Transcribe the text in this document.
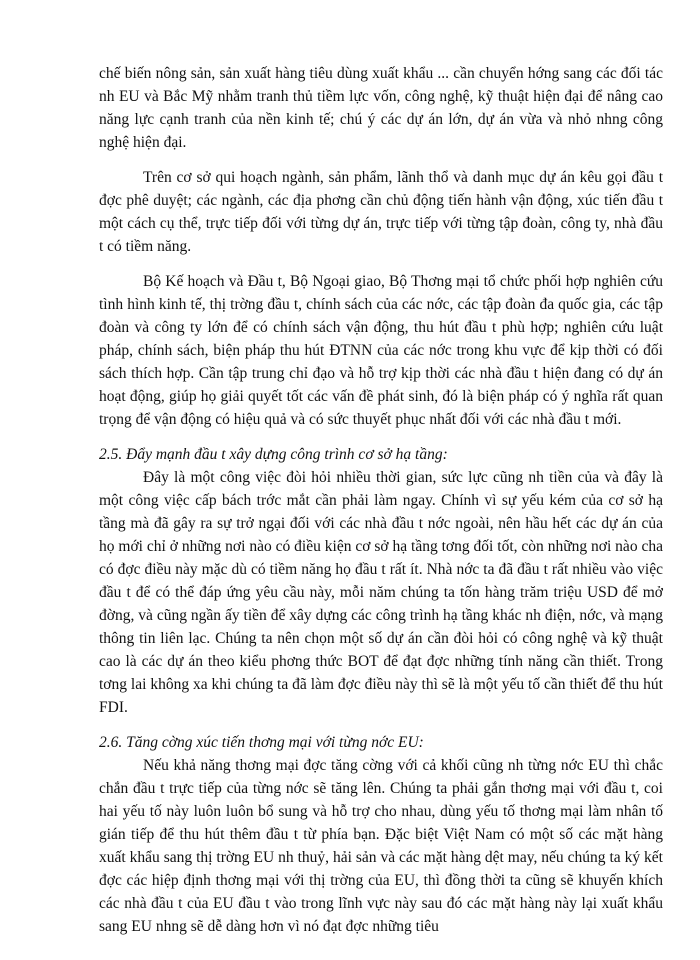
chế biến nông sản, sản xuất hàng tiêu dùng xuất khẩu ... cần chuyển hớng sang các đối tác nh EU và Bắc Mỹ nhằm tranh thủ tiềm lực vốn, công nghệ, kỹ thuật hiện đại để nâng cao năng lực cạnh tranh của nền kinh tế; chú ý các dự án lớn, dự án vừa và nhỏ nhng công nghệ hiện đại.

Trên cơ sở qui hoạch ngành, sản phẩm, lãnh thổ và danh mục dự án kêu gọi đầu t đợc phê duyệt; các ngành, các địa phơng cần chủ động tiến hành vận động, xúc tiến đầu t một cách cụ thể, trực tiếp đối với từng dự án, trực tiếp với từng tập đoàn, công ty, nhà đầu t có tiềm năng.

Bộ Kế hoạch và Đầu t, Bộ Ngoại giao, Bộ Thơng mại tổ chức phối hợp nghiên cứu tình hình kinh tế, thị trờng đầu t, chính sách của các nớc, các tập đoàn đa quốc gia, các tập đoàn và công ty lớn để có chính sách vận động, thu hút đầu t phù hợp; nghiên cứu luật pháp, chính sách, biện pháp thu hút ĐTNN của các nớc trong khu vực để kịp thời có đối sách thích hợp. Cần tập trung chỉ đạo và hỗ trợ kịp thời các nhà đầu t hiện đang có dự án hoạt động, giúp họ giải quyết tốt các vấn đề phát sinh, đó là biện pháp có ý nghĩa rất quan trọng để vận động có hiệu quả và có sức thuyết phục nhất đối với các nhà đầu t mới.

2.5. Đẩy mạnh đầu t xây dựng công trình cơ sở hạ tầng:

Đây là một công việc đòi hỏi nhiều thời gian, sức lực cũng nh tiền của và đây là một công việc cấp bách trớc mắt cần phải làm ngay. Chính vì sự yếu kém của cơ sở hạ tầng mà đã gây ra sự trở ngại đối với các nhà đầu t nớc ngoài, nên hầu hết các dự án của họ mới chỉ ở những nơi nào có điều kiện cơ sở hạ tầng tơng đối tốt, còn những nơi nào cha có đợc điều này mặc dù có tiềm năng họ đầu t rất ít. Nhà nớc ta đã đầu t rất nhiều vào việc đầu t để có thể đáp ứng yêu cầu này, mỗi năm chúng ta tốn hàng trăm triệu USD để mở đờng, và cũng ngần ấy tiền để xây dựng các công trình hạ tầng khác nh điện, nớc, và mạng thông tin liên lạc. Chúng ta nên chọn một số dự án cần đòi hỏi có công nghệ và kỹ thuật cao là các dự án theo kiểu phơng thức BOT để đạt đợc những tính năng cần thiết. Trong tơng lai không xa khi chúng ta đã làm đợc điều này thì sẽ là một yếu tố cần thiết để thu hút FDI.

2.6. Tăng cờng xúc tiến thơng mại với từng nớc EU:

Nếu khả năng thơng mại đợc tăng cờng với cả khối cũng nh từng nớc EU thì chắc chắn đầu t trực tiếp của từng nớc sẽ tăng lên. Chúng ta phải gắn thơng mại với đầu t, coi hai yếu tố này luôn luôn bổ sung và hỗ trợ cho nhau, dùng yếu tố thơng mại làm nhân tố gián tiếp để thu hút thêm đầu t từ phía bạn. Đặc biệt Việt Nam có một số các mặt hàng xuất khẩu sang thị trờng EU nh thuỷ, hải sản và các mặt hàng dệt may, nếu chúng ta ký kết đợc các hiệp định thơng mại với thị trờng của EU, thì đồng thời ta cũng sẽ khuyến khích các nhà đầu t của EU đầu t vào trong lĩnh vực này sau đó các mặt hàng này lại xuất khẩu sang EU nhng sẽ dễ dàng hơn vì nó đạt đợc những tiêu
